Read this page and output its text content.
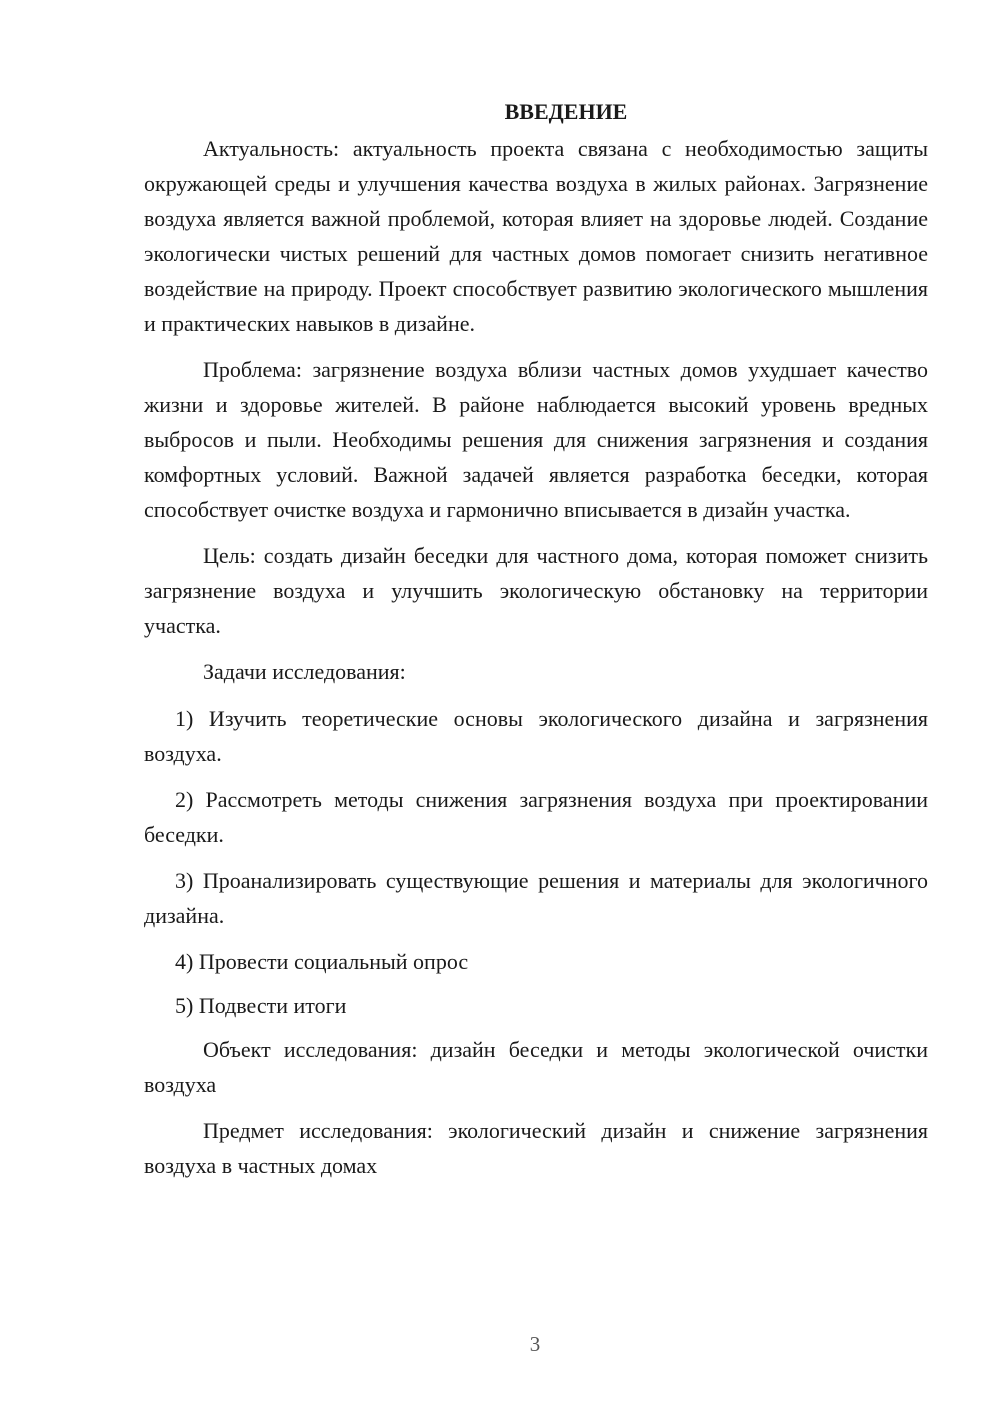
ВВЕДЕНИЕ

Актуальность: актуальность проекта связана с необходимостью защиты окружающей среды и улучшения качества воздуха в жилых районах. Загрязнение воздуха является важной проблемой, которая влияет на здоровье людей. Создание экологически чистых решений для частных домов помогает снизить негативное воздействие на природу. Проект способствует развитию экологического мышления и практических навыков в дизайне.

Проблема: загрязнение воздуха вблизи частных домов ухудшает качество жизни и здоровье жителей. В районе наблюдается высокий уровень вредных выбросов и пыли. Необходимы решения для снижения загрязнения и создания комфортных условий. Важной задачей является разработка беседки, которая способствует очистке воздуха и гармонично вписывается в дизайн участка.

Цель: создать дизайн беседки для частного дома, которая поможет снизить загрязнение воздуха и улучшить экологическую обстановку на территории участка.

Задачи исследования:

1) Изучить теоретические основы экологического дизайна и загрязнения воздуха.

2) Рассмотреть методы снижения загрязнения воздуха при проектировании беседки.

3) Проанализировать существующие решения и материалы для экологичного дизайна.

4) Провести социальный опрос

5) Подвести итоги

Объект исследования: дизайн беседки и методы экологической очистки воздуха

Предмет исследования: экологический дизайн и снижение загрязнения воздуха в частных домах

3
